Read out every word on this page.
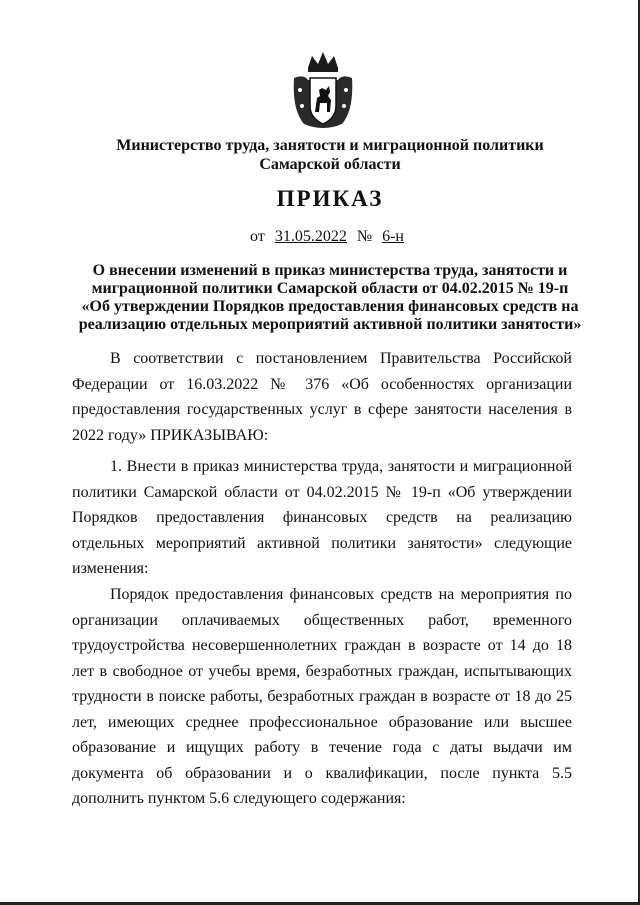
Министерство труда, занятости и миграционной политики
Самарской области
ПРИКАЗ
от 31.05.2022 № 6-н
О внесении изменений в приказ министерства труда, занятости и
миграционной политики Самарской области от 04.02.2015 № 19-п
«Об утверждении Порядков предоставления финансовых средств на
реализацию отдельных мероприятий активной политики занятости»
В соответствии с постановлением Правительства Российской Федерации от 16.03.2022 № 376 «Об особенностях организации предоставления государственных услуг в сфере занятости населения в 2022 году» ПРИКАЗЫВАЮ:
1. Внести в приказ министерства труда, занятости и миграционной политики Самарской области от 04.02.2015 № 19-п «Об утверждении Порядков предоставления финансовых средств на реализацию отдельных мероприятий активной политики занятости» следующие изменения:
Порядок предоставления финансовых средств на мероприятия по организации оплачиваемых общественных работ, временного трудоустройства несовершеннолетних граждан в возрасте от 14 до 18 лет в свободное от учебы время, безработных граждан, испытывающих трудности в поиске работы, безработных граждан в возрасте от 18 до 25 лет, имеющих среднее профессиональное образование или высшее образование и ищущих работу в течение года с даты выдачи им документа об образовании и о квалификации, после пункта 5.5 дополнить пунктом 5.6 следующего содержания:
